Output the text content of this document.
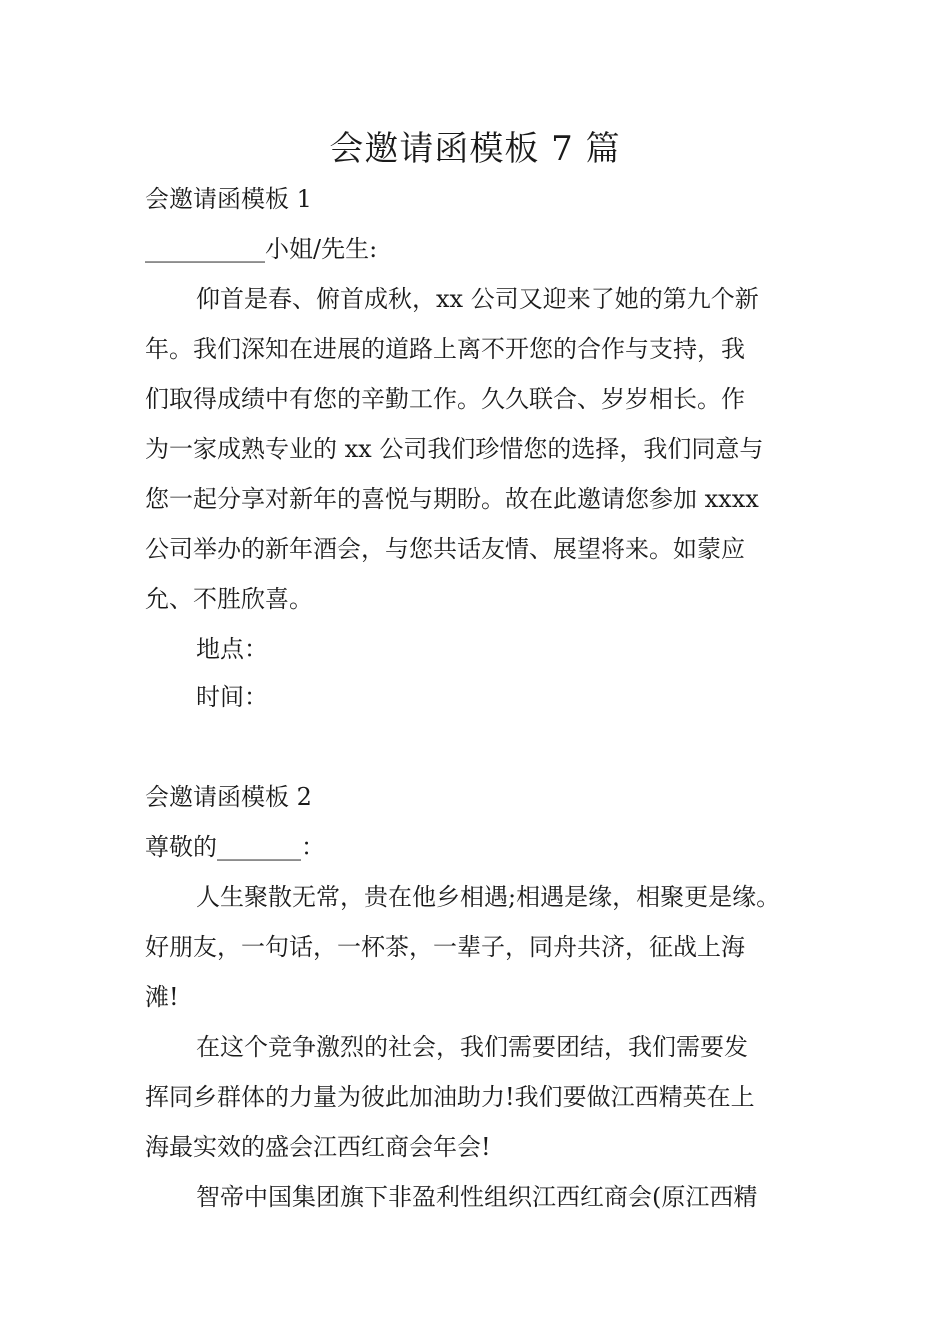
会邀请函模板 7 篇
会邀请函模板 1
__________小姐/先生:
仰首是春、俯首成秋，xx 公司又迎来了她的第九个新
年。我们深知在进展的道路上离不开您的合作与支持，我
们取得成绩中有您的辛勤工作。久久联合、岁岁相长。作
为一家成熟专业的 xx 公司我们珍惜您的选择，我们同意与
您一起分享对新年的喜悦与期盼。故在此邀请您参加 xxxx
公司举办的新年酒会，与您共话友情、展望将来。如蒙应
允、不胜欣喜。
地点：
时间：
会邀请函模板 2
尊敬的_______：
人生聚散无常，贵在他乡相遇;相遇是缘，相聚更是缘。
好朋友，一句话，一杯茶，一辈子，同舟共济，征战上海
滩!
在这个竞争激烈的社会，我们需要团结，我们需要发
挥同乡群体的力量为彼此加油助力!我们要做江西精英在上
海最实效的盛会江西红商会年会!
智帝中国集团旗下非盈利性组织江西红商会(原江西精
